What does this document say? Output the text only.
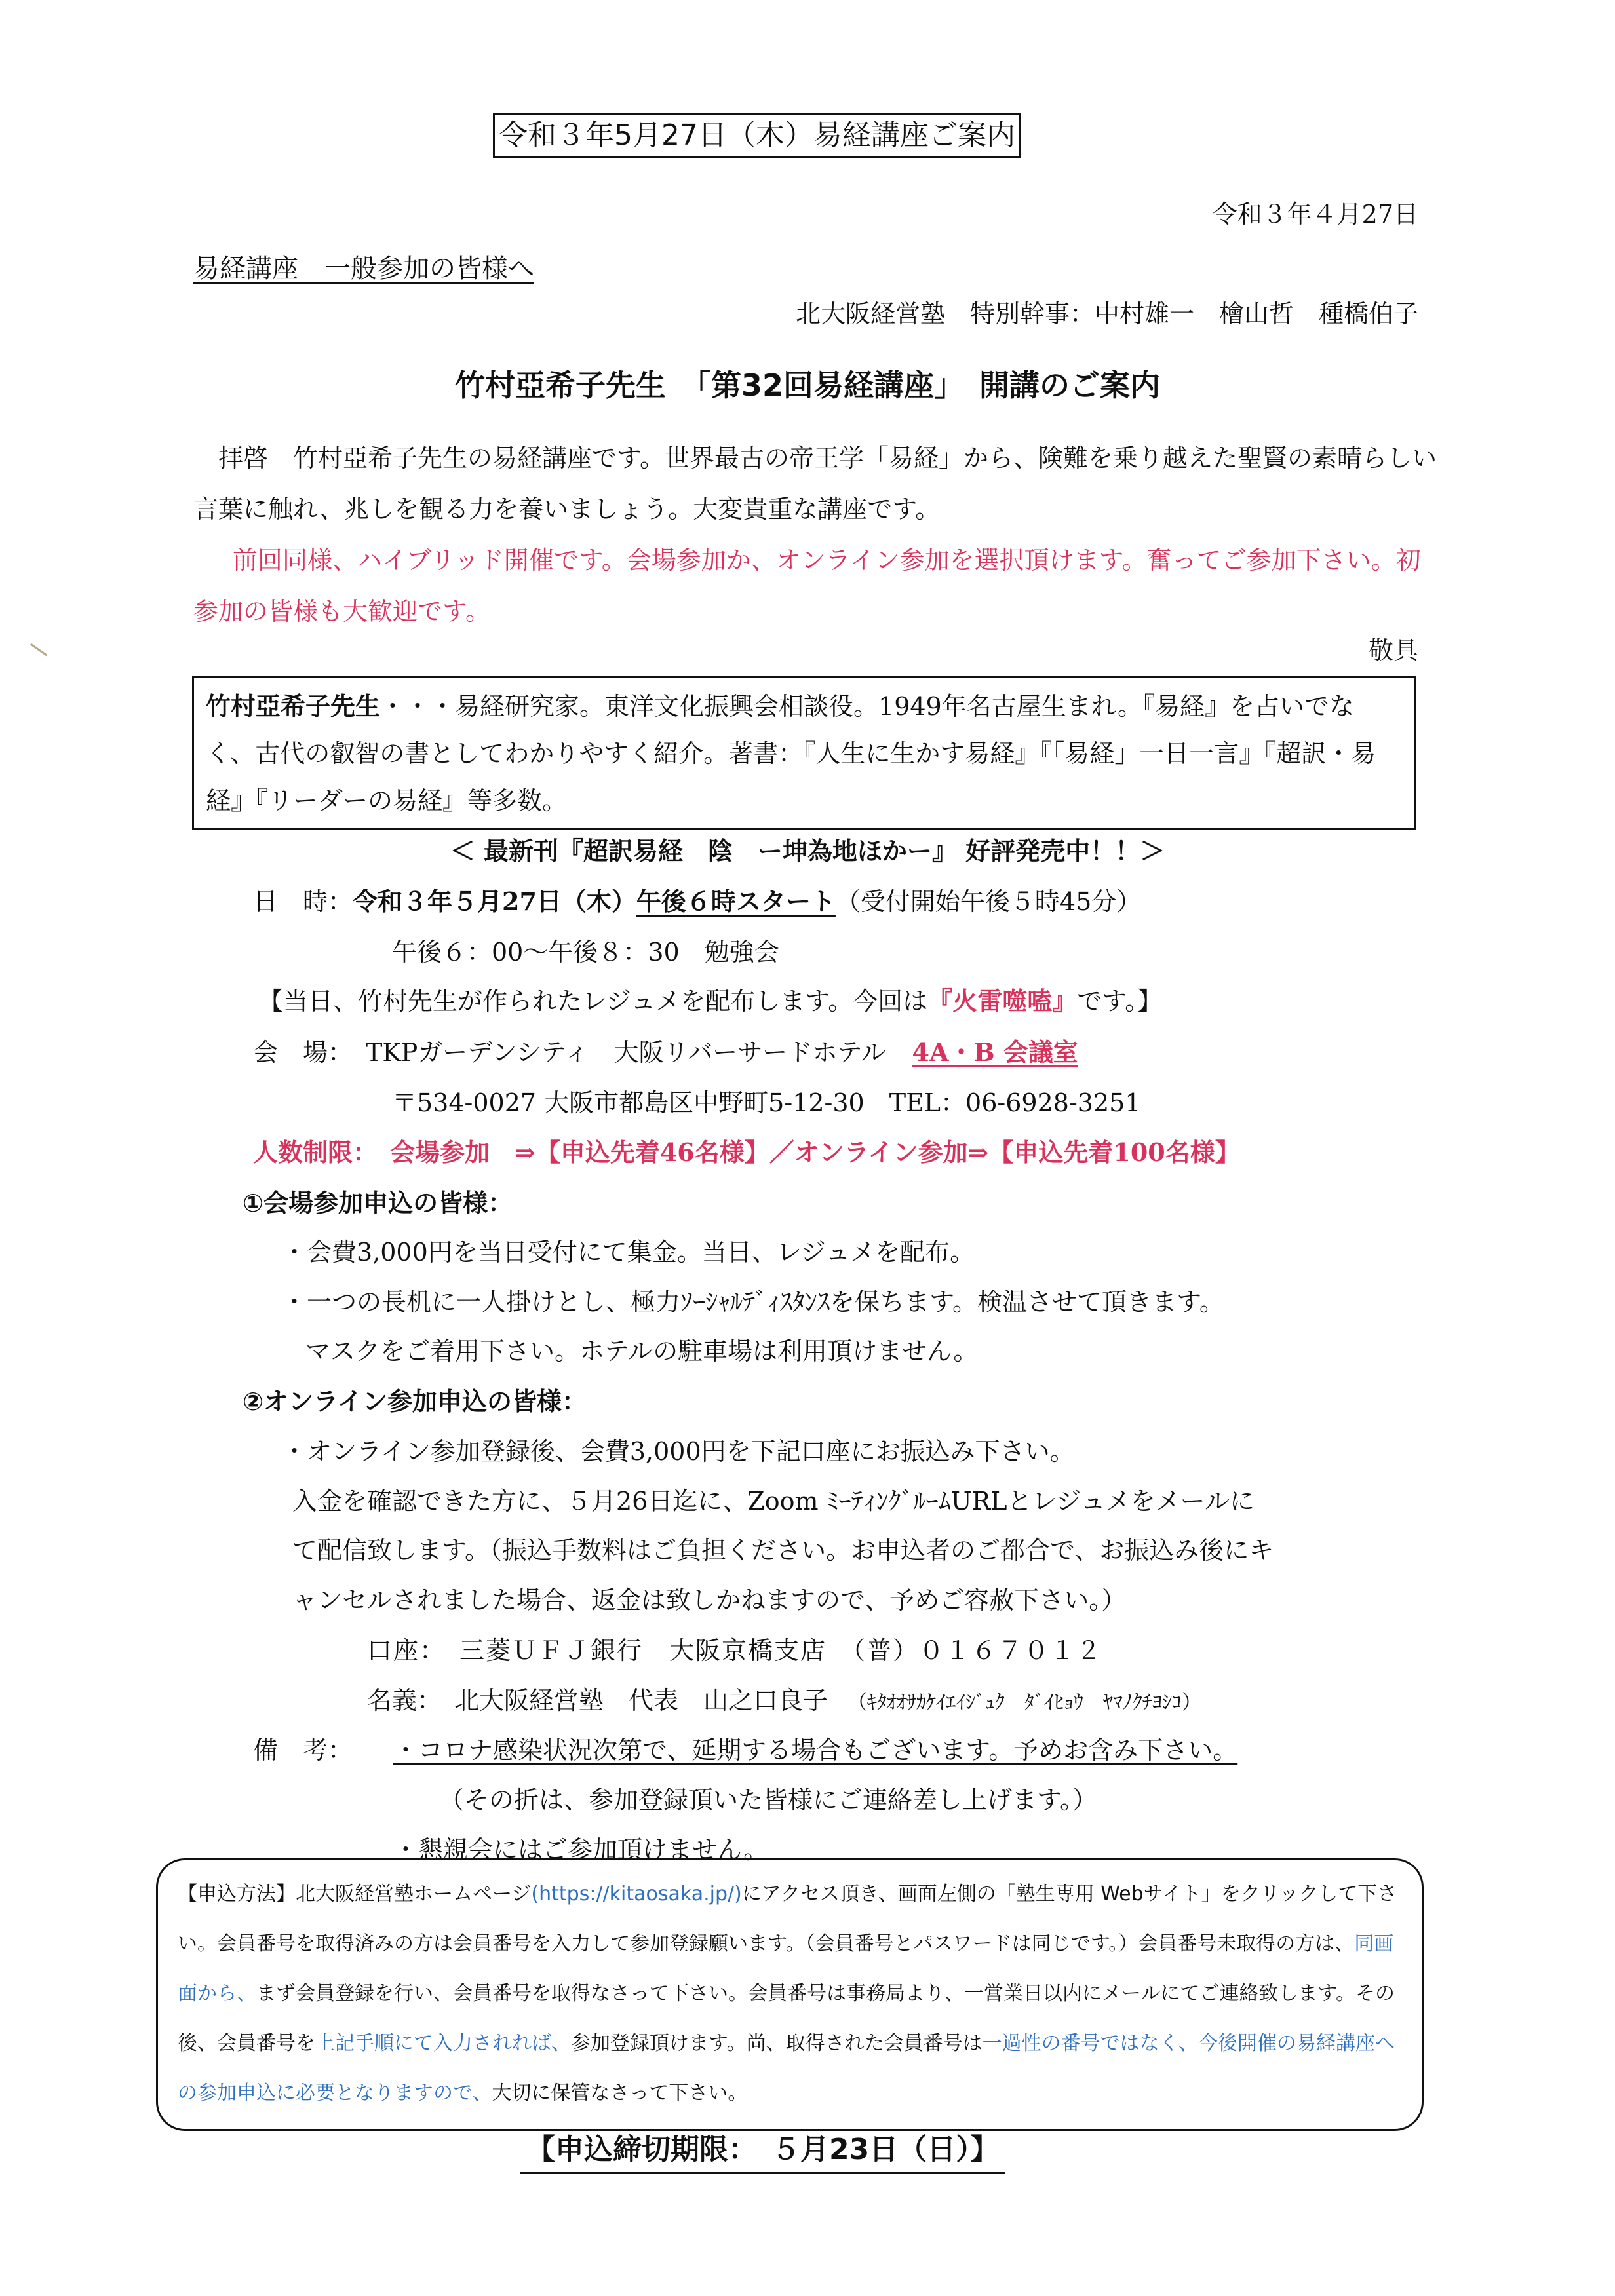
令和３年5月27日（木）易経講座ご案内
令和３年４月27日
易経講座　一般参加の皆様へ
北大阪経営塾　特別幹事：中村雄一　檜山哲　種橋伯子
竹村亞希子先生　「第32回易経講座」　開講のご案内
拝啓　竹村亞希子先生の易経講座です。世界最古の帝王学「易経」から、険難を乗り越えた聖賢の素晴らしい言葉に触れ、兆しを観る力を養いましょう。大変貴重な講座です。
前回同様、ハイブリッド開催です。会場参加か、オンライン参加を選択頂けます。奮ってご参加下さい。初参加の皆様も大歓迎です。
敬具
竹村亞希子先生・・・易経研究家。東洋文化振興会相談役。1949年名古屋生まれ。『易経』を占いでなく、古代の叡智の書としてわかりやすく紹介。著書：『人生に生かす易経』『「易経」一日一言』『超訳・易経』『リーダーの易経』等多数。
＜ 最新刊『超訳易経　陰　ー坤為地ほかー』 好評発売中！！＞
日　時：令和３年５月27日（木）午後６時スタート（受付開始午後５時45分）
午後６：00〜午後８：30　勉強会
【当日、竹村先生が作られたレジュメを配布します。今回は『火雷噬嗑』です。】
会　場： TKPガーデンシティ　大阪リバーサードホテル 4A・B 会議室
〒534-0027 大阪市都島区中野町5-12-30　TEL：06-6928-3251
人数制限：　会場参加　⇒【申込先着46名様】／オンライン参加⇒【申込先着100名様】
①会場参加申込の皆様：
・会費3,000円を当日受付にて集金。当日、レジュメを配布。
・一つの長机に一人掛けとし、極力ｿｰｼｬﾙﾃﾞｨｽﾀﾝｽを保ちます。検温させて頂きます。
マスクをご着用下さい。ホテルの駐車場は利用頂けません。
②オンライン参加申込の皆様：
・オンライン参加登録後、会費3,000円を下記口座にお振込み下さい。
入金を確認できた方に、５月26日迄に、Zoom ﾐｰﾃｨﾝｸﾞﾙｰﾑURLとレジュメをメールに
て配信致します。（振込手数料はご負担ください。お申込者のご都合で、お振込み後にキ
ャンセルされました場合、返金は致しかねますので、予めご容赦下さい。）
口座：　三菱ＵＦＪ銀行　大阪京橋支店　（普）０１６７０１２
名義：　北大阪経営塾　代表　山之口良子 （ｷﾀｵｵｻｶｹｲｴｲｼﾞｭｸ　ﾀﾞｲﾋｮｳ　ﾔﾏﾉｸﾁﾖｼｺ）
備　考： ・コロナ感染状況次第で、延期する場合もございます。予めお含み下さい。
（その折は、参加登録頂いた皆様にご連絡差し上げます。）
・懇親会にはご参加頂けません。
【申込方法】北大阪経営塾ホームページ(https://kitaosaka.jp/)にアクセス頂き、画面左側の「塾生専用 Webサイト」をクリックして下さい。会員番号を取得済みの方は会員番号を入力して参加登録願います。（会員番号とパスワードは同じです。）会員番号未取得の方は、同画面から、まず会員登録を行い、会員番号を取得なさって下さい。会員番号は事務局より、一営業日以内にメールにてご連絡致します。その後、会員番号を上記手順にて入力されれば、参加登録頂けます。尚、取得された会員番号は一過性の番号ではなく、今後開催の易経講座への参加申込に必要となりますので、大切に保管なさって下さい。
【申込締切期限：　５月23日（日）】
